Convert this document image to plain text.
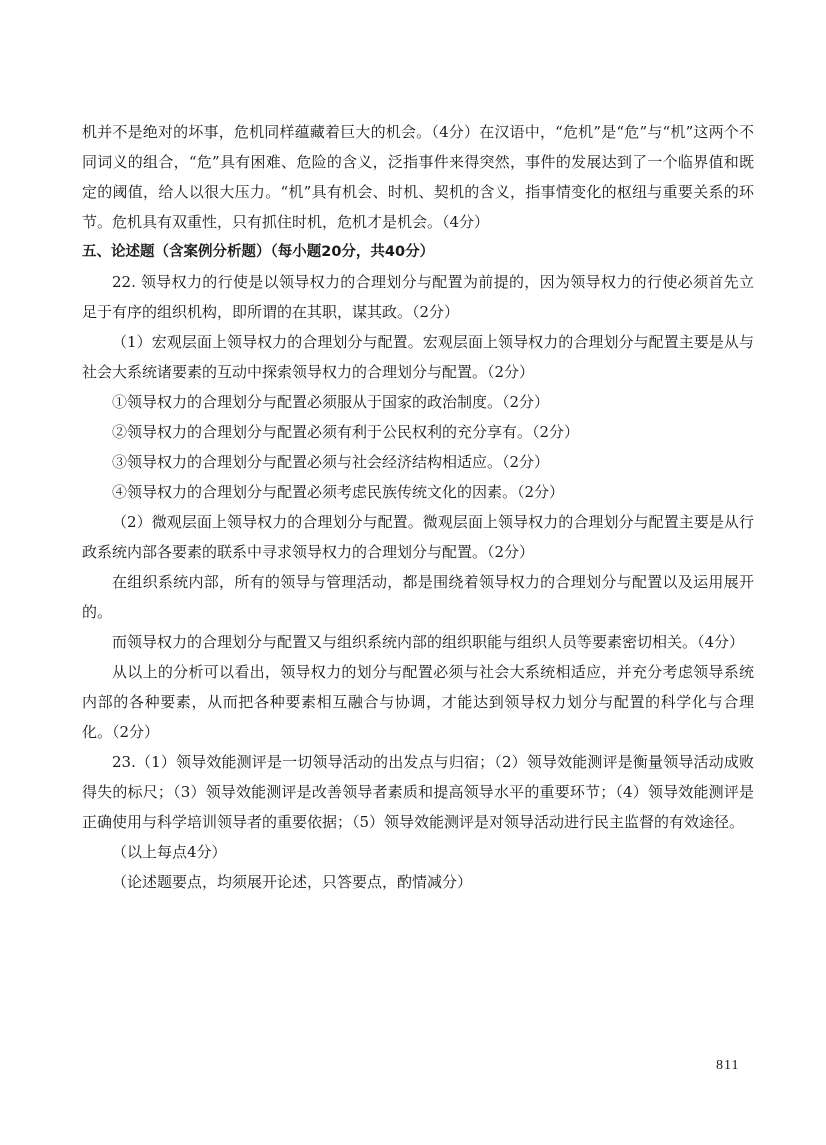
机并不是绝对的坏事，危机同样蕴藏着巨大的机会。（4分）在汉语中，“危机”是“危”与“机”这两个不同词义的组合，“危”具有困难、危险的含义，泛指事件来得突然，事件的发展达到了一个临界值和既定的阈值，给人以很大压力。“机”具有机会、时机、契机的含义，指事情变化的枢纽与重要关系的环节。危机具有双重性，只有抓住时机，危机才是机会。（4分）

五、论述题（含案例分析题）（每小题20分，共40分）

22. 领导权力的行使是以领导权力的合理划分与配置为前提的，因为领导权力的行使必须首先立足于有序的组织机构，即所谓的在其职，谋其政。（2分）

（1）宏观层面上领导权力的合理划分与配置。宏观层面上领导权力的合理划分与配置主要是从与社会大系统诸要素的互动中探索领导权力的合理划分与配置。（2分）

①领导权力的合理划分与配置必须服从于国家的政治制度。（2分）

②领导权力的合理划分与配置必须有利于公民权利的充分享有。（2分）

③领导权力的合理划分与配置必须与社会经济结构相适应。（2分）

④领导权力的合理划分与配置必须考虑民族传统文化的因素。（2分）

（2）微观层面上领导权力的合理划分与配置。微观层面上领导权力的合理划分与配置主要是从行政系统内部各要素的联系中寻求领导权力的合理划分与配置。（2分）

在组织系统内部，所有的领导与管理活动，都是围绕着领导权力的合理划分与配置以及运用展开的。

而领导权力的合理划分与配置又与组织系统内部的组织职能与组织人员等要素密切相关。（4分）

从以上的分析可以看出，领导权力的划分与配置必须与社会大系统相适应，并充分考虑领导系统内部的各种要素，从而把各种要素相互融合与协调，才能达到领导权力划分与配置的科学化与合理化。（2分）

23.（1）领导效能测评是一切领导活动的出发点与归宿；（2）领导效能测评是衡量领导活动成败得失的标尺；（3）领导效能测评是改善领导者素质和提高领导水平的重要环节；（4）领导效能测评是正确使用与科学培训领导者的重要依据；（5）领导效能测评是对领导活动进行民主监督的有效途径。

（以上每点4分）

（论述题要点，均须展开论述，只答要点，酌情减分）

811
